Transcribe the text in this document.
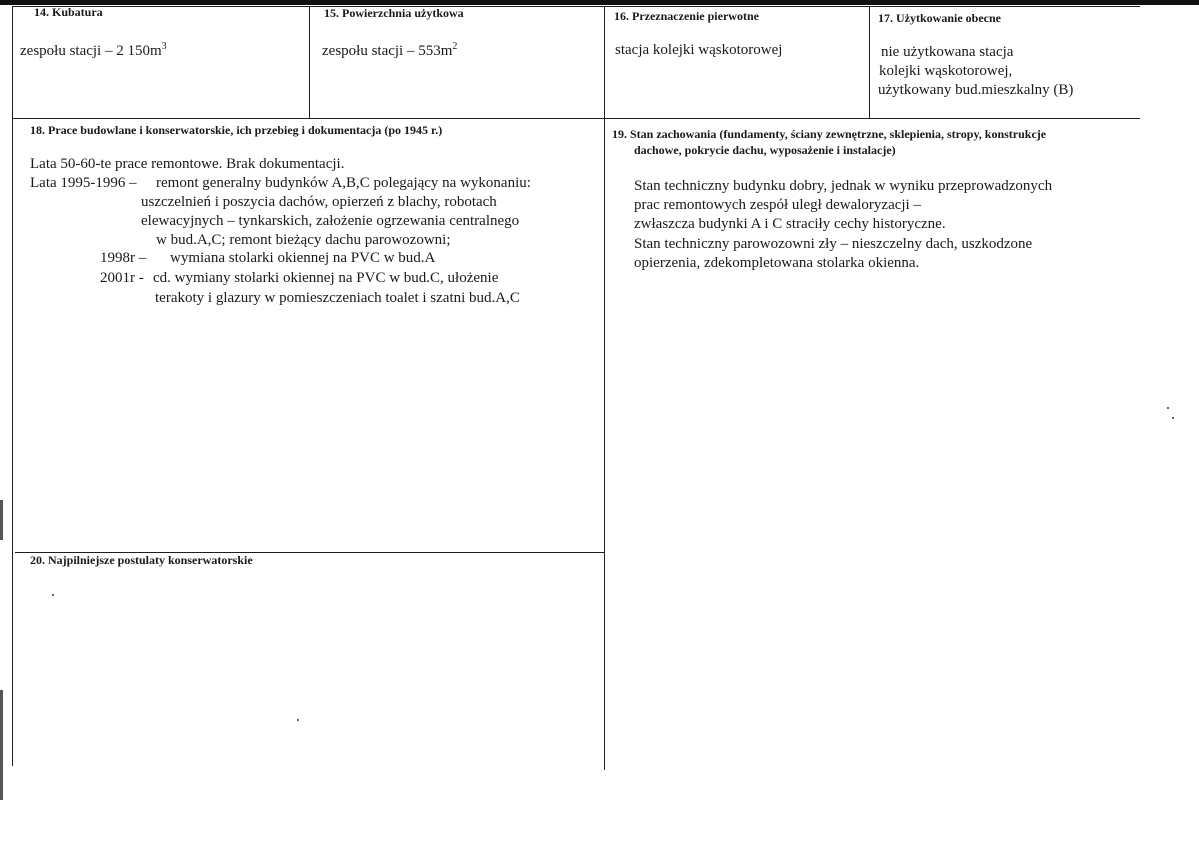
14. Kubatura
zespołu stacji – 2 $150m^3$
15. Powierzchnia użytkowa
zespołu stacji – $553m^2$
16. Przeznaczenie pierwotne
stacja kolejki wąskotorowej
17. Użytkowanie obecne
nie użytkowana stacja
kolejki wąskotorowej,
użytkowany bud.mieszkalny (B)
18. Prace budowlane i konserwatorskie, ich przebieg i dokumentacja (po 1945 r.)
Lata 50-60-te prace remontowe. Brak dokumentacji.
Lata 1995-1996 – remont generalny budynków A,B,C polegający na wykonaniu:
uszczelnień i poszycia dachów, opierzeń z blachy, robotach
elewacyjnych – tynkarskich, założenie ogrzewania centralnego
w bud.A,C; remont bieżący dachu parowozowni;
1998r – wymiana stolarki okiennej na PVC w bud.A
2001r - cd. wymiany stolarki okiennej na PVC w bud.C, ułożenie
terakoty i glazury w pomieszczeniach toalet i szatni bud.A,C
19. Stan zachowania (fundamenty, ściany zewnętrzne, sklepienia, stropy, konstrukcje
dachowe, pokrycie dachu, wyposażenie i instalacje)
Stan techniczny budynku dobry, jednak w wyniku przeprowadzonych
prac remontowych zespół uległ dewaloryzacji –
zwłaszcza budynki A i C straciły cechy historyczne.
Stan techniczny parowozowni zły – nieszczelny dach, uszkodzone
opierzenia, zdekompletowana stolarka okienna.
20. Najpilniejsze postulaty konserwatorskie
